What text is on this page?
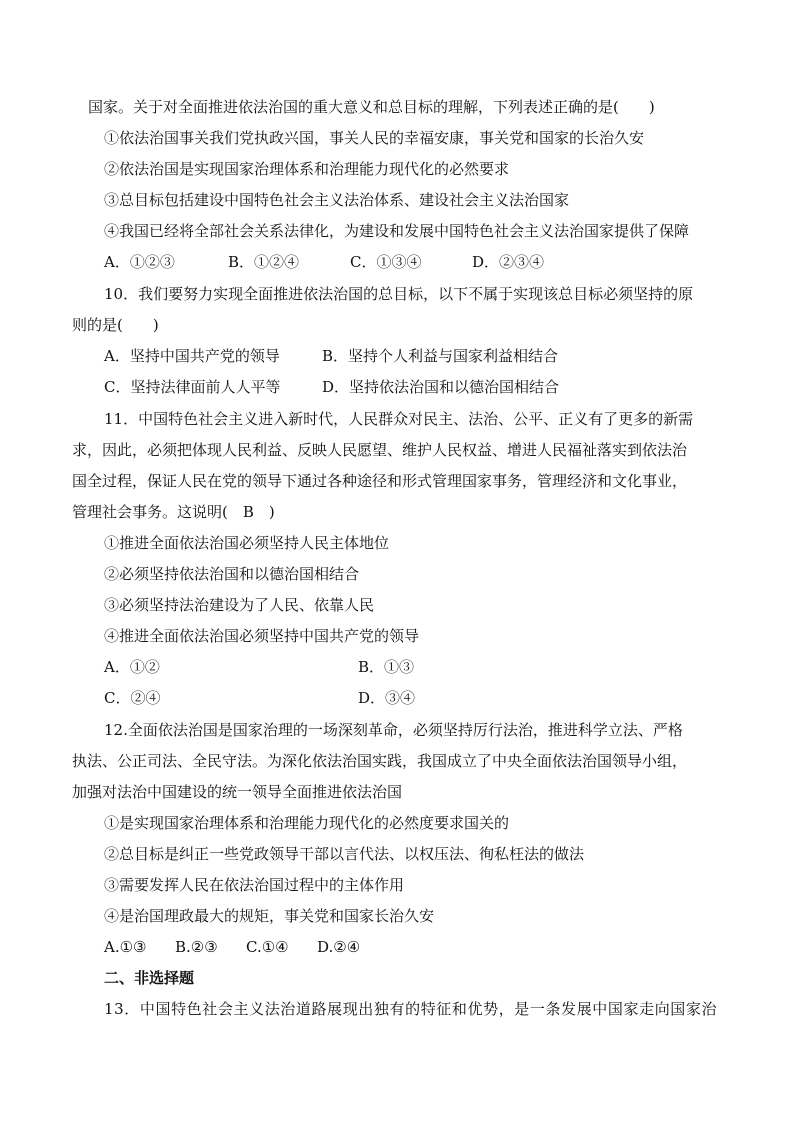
国家。关于对全面推进依法治国的重大意义和总目标的理解，下列表述正确的是(　　)
①依法治国事关我们党执政兴国，事关人民的幸福安康，事关党和国家的长治久安
②依法治国是实现国家治理体系和治理能力现代化的必然要求
③总目标包括建设中国特色社会主义法治体系、建设社会主义法治国家
④我国已经将全部社会关系法律化，为建设和发展中国特色社会主义法治国家提供了保障
A．①②③	B．①②④	C．①③④	D．②③④
10．我们要努力实现全面推进依法治国的总目标，以下不属于实现该总目标必须坚持的原
则的是(　　)
A．坚持中国共产党的领导	B．坚持个人利益与国家利益相结合
C．坚持法律面前人人平等	D．坚持依法治国和以德治国相结合
11．中国特色社会主义进入新时代，人民群众对民主、法治、公平、正义有了更多的新需
求，因此，必须把体现人民利益、反映人民愿望、维护人民权益、增进人民福祉落实到依法治
国全过程，保证人民在党的领导下通过各种途径和形式管理国家事务，管理经济和文化事业，
管理社会事务。这说明(　B　)
①推进全面依法治国必须坚持人民主体地位
②必须坚持依法治国和以德治国相结合
③必须坚持法治建设为了人民、依靠人民
④推进全面依法治国必须坚持中国共产党的领导
A．①②	B．①③
C．②④	D．③④
12.全面依法治国是国家治理的一场深刻革命，必须坚持厉行法治，推进科学立法、严格
执法、公正司法、全民守法。为深化依法治国实践，我国成立了中央全面依法治国领导小组，
加强对法治中国建设的统一领导全面推进依法治国
①是实现国家治理体系和治理能力现代化的必然度要求国关的
②总目标是纠正一些党政领导干部以言代法、以权压法、徇私枉法的做法
③需要发挥人民在依法治国过程中的主体作用
④是治国理政最大的规矩，事关党和国家长治久安
A.①③ B.②③ C.①④ D.②④
二、非选择题
13．中国特色社会主义法治道路展现出独有的特征和优势，是一条发展中国家走向国家治
